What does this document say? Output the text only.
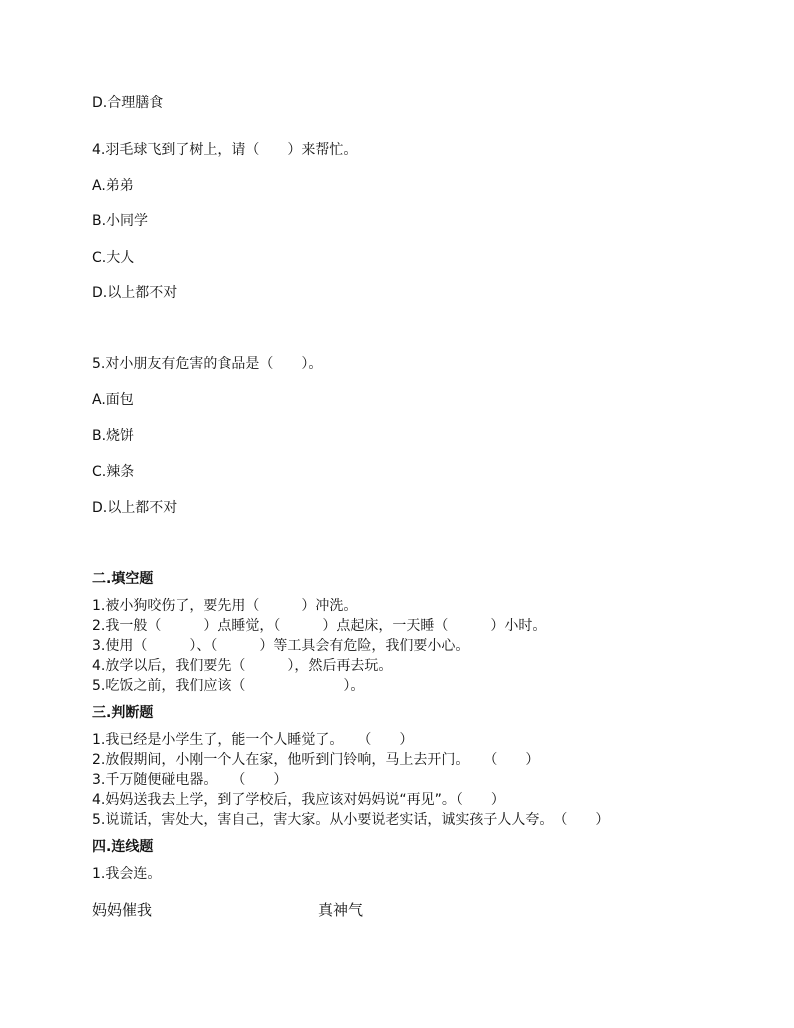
D.合理膳食
4.羽毛球飞到了树上，请（　　）来帮忙。
A.弟弟
B.小同学
C.大人
D.以上都不对
5.对小朋友有危害的食品是（　　）。
A.面包
B.烧饼
C.辣条
D.以上都不对
二.填空题
1.被小狗咬伤了，要先用（　　　）冲洗。
2.我一般（　　　）点睡觉，（　　　）点起床，一天睡（　　　）小时。
3.使用（　　　）、（　　　）等工具会有危险，我们要小心。
4.放学以后，我们要先（　　　），然后再去玩。
5.吃饭之前，我们应该（　　　　　　　）。
三.判断题
1.我已经是小学生了，能一个人睡觉了。　　（　　）
2.放假期间，小刚一个人在家，他听到门铃响，马上去开门。　　（　　）
3.千万随便碰电器。　　（　　）
4.妈妈送我去上学，到了学校后，我应该对妈妈说“再见”。（　　）
5.说谎话，害处大，害自己，害大家。从小要说老实话，诚实孩子人人夸。　（　　）
四.连线题
1.我会连。
妈妈催我	真神气
